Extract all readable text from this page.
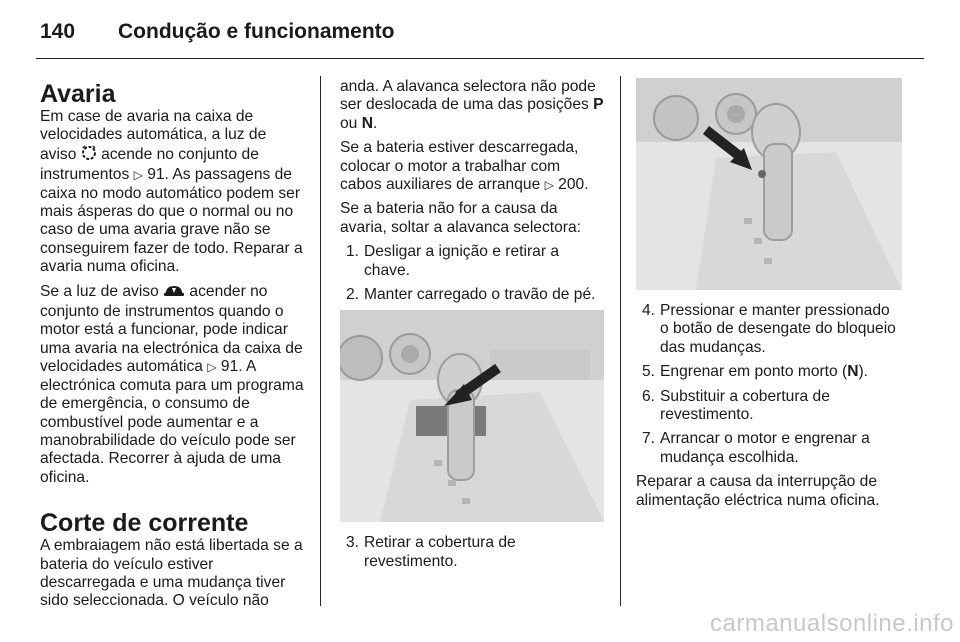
140 Condução e funcionamento
Avaria

Em case de avaria na caixa de velocidades automática, a luz de aviso  acende no conjunto de instrumentos ▷ 91. As passagens de caixa no modo automático podem ser mais ásperas do que o normal ou no caso de uma avaria grave não se conseguirem fazer de todo. Reparar a avaria numa oficina.

Se a luz de aviso  acender no conjunto de instrumentos quando o motor está a funcionar, pode indicar uma avaria na electrónica da caixa de velocidades automática ▷ 91. A electrónica comuta para um programa de emergência, o consumo de combustível pode aumentar e a manobrabilidade do veículo pode ser afectada. Recorrer à ajuda de uma oficina.

Corte de corrente

A embraiagem não está libertada se a bateria do veículo estiver descarregada e uma mudança tiver sido seleccionada. O veículo não

anda. A alavanca selectora não pode ser deslocada de uma das posições P ou N.

Se a bateria estiver descarregada, colocar o motor a trabalhar com cabos auxiliares de arranque ▷ 200.

Se a bateria não for a causa da avaria, soltar a alavanca selectora:

1. Desligar a ignição e retirar a chave.
2. Manter carregado o travão de pé.
3. Retirar a cobertura de revestimento.
4. Pressionar e manter pressionado o botão de desengate do bloqueio das mudanças.
5. Engrenar em ponto morto (N).
6. Substituir a cobertura de revestimento.
7. Arrancar o motor e engrenar a mudança escolhida.

Reparar a causa da interrupção de alimentação eléctrica numa oficina.

carmanualsonline.info
